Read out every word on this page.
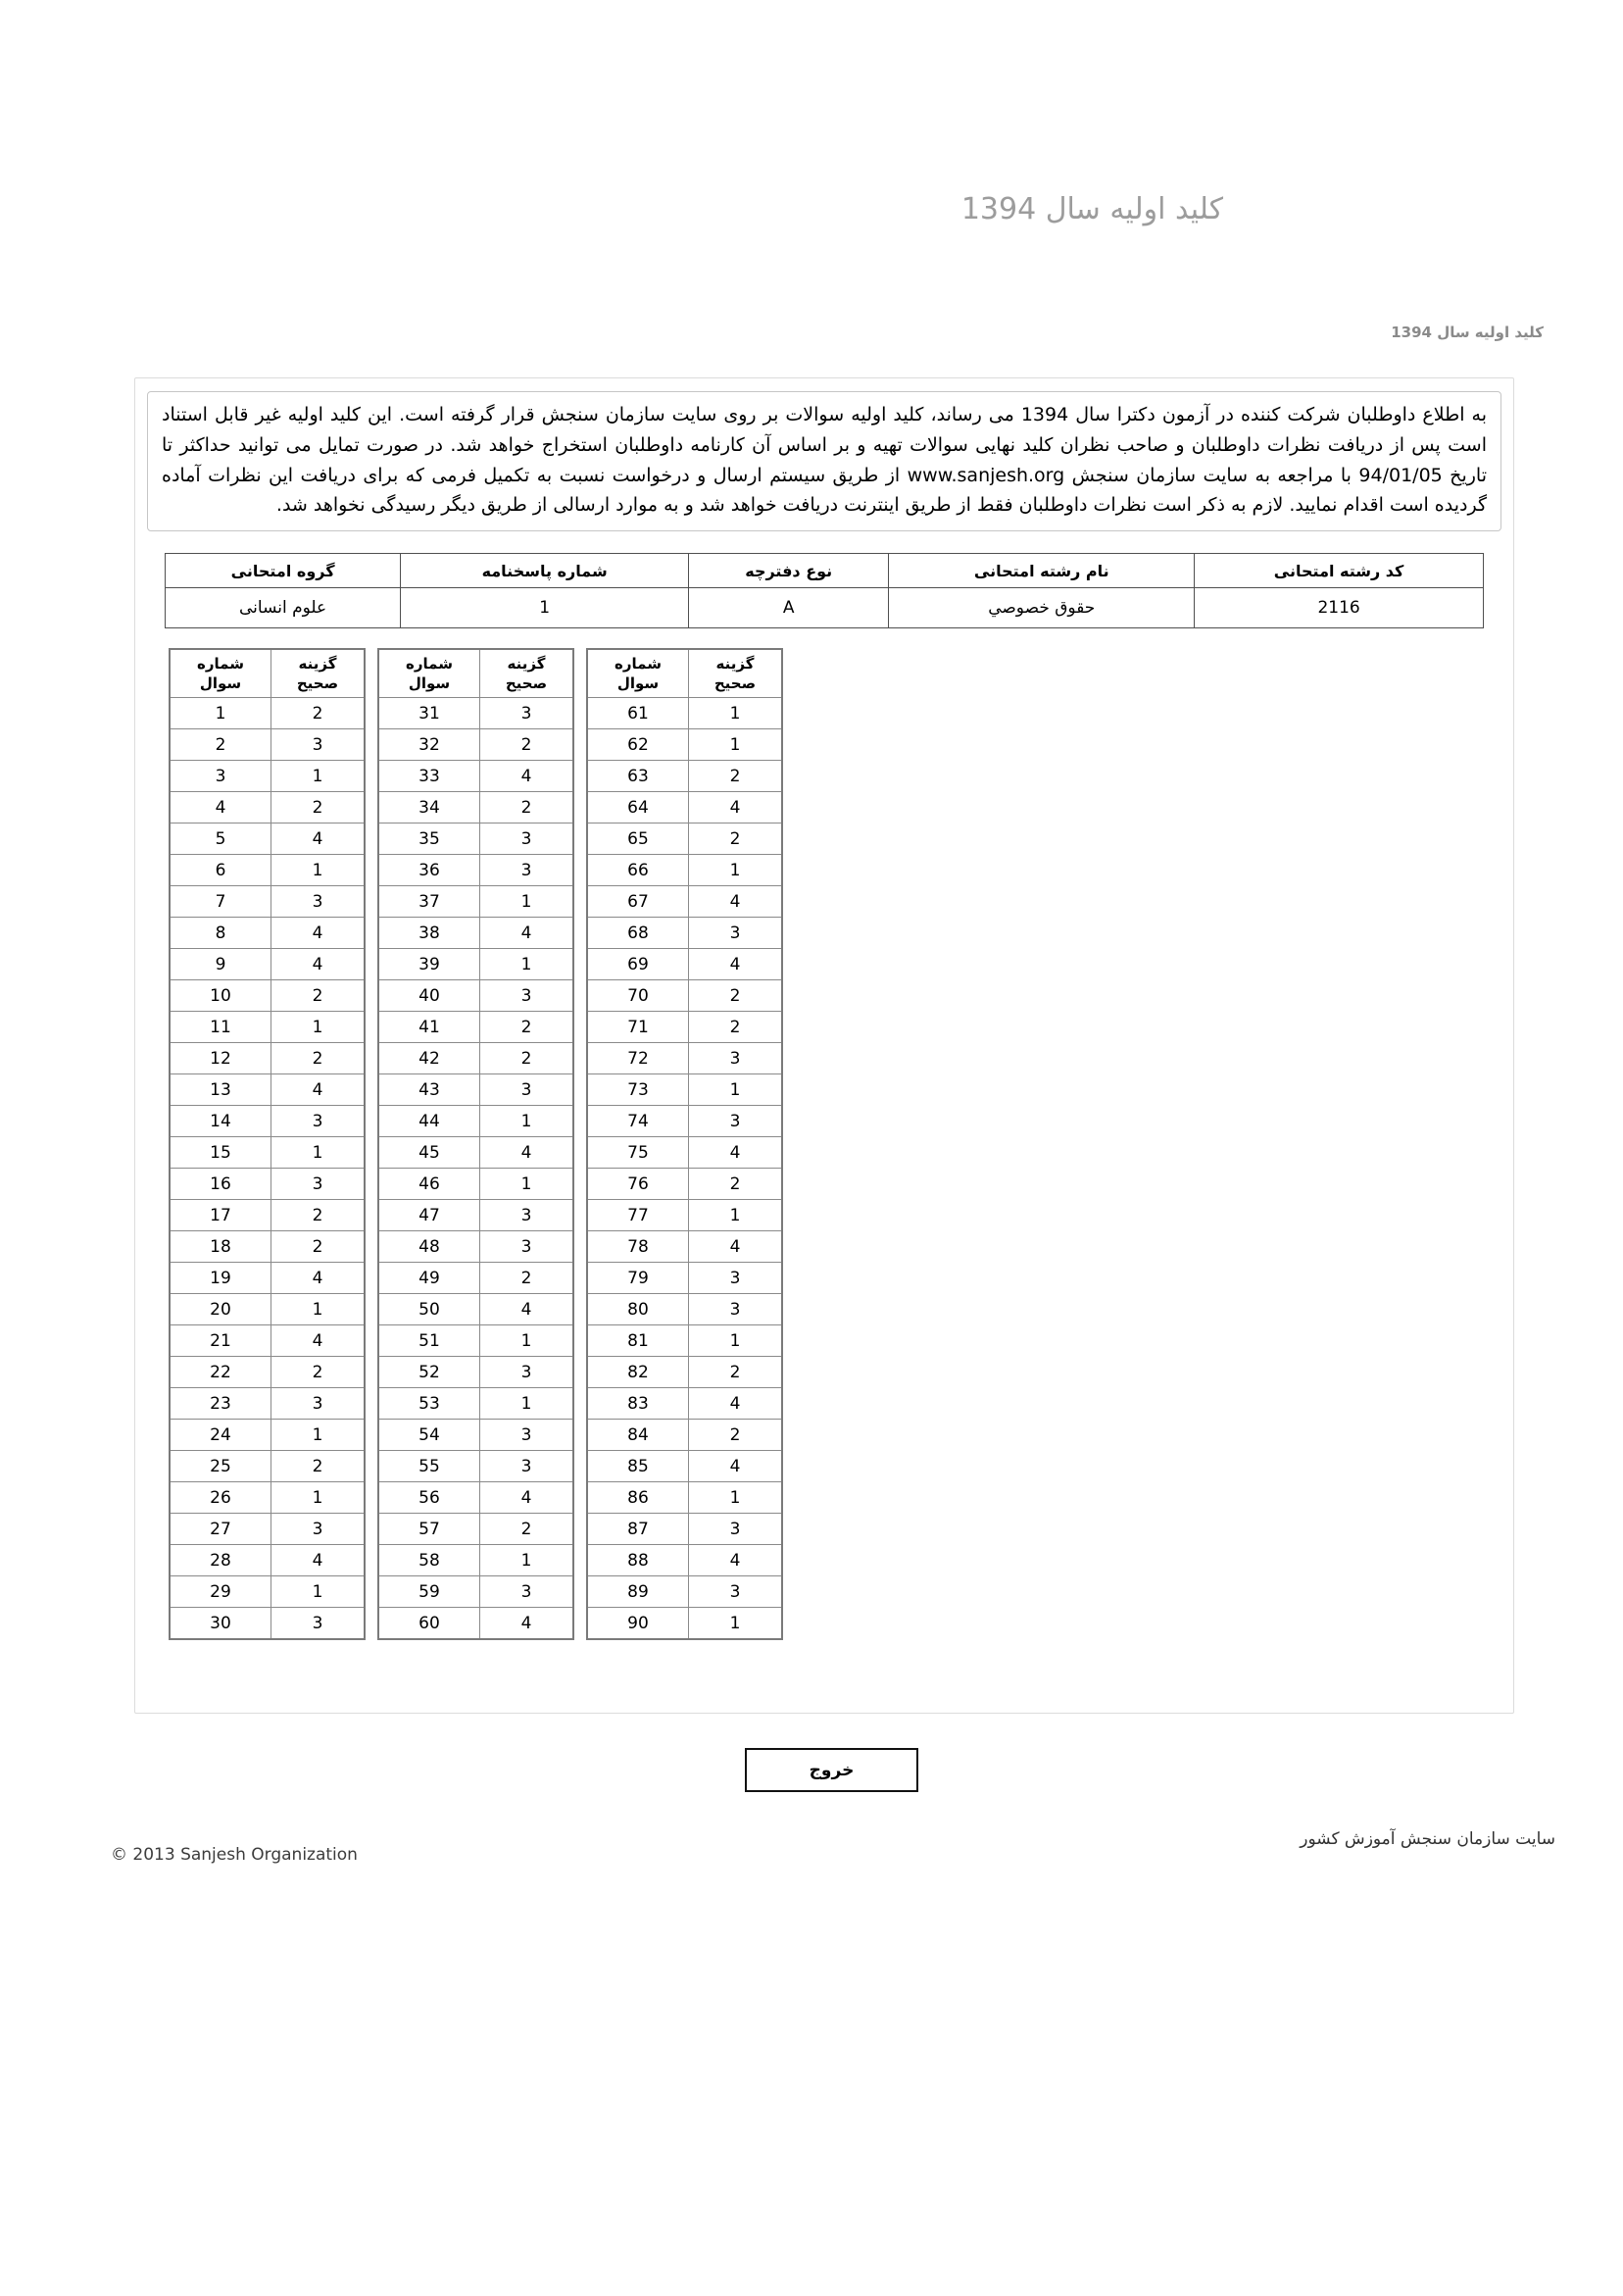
کلید اولیه سال 1394
کلید اولیه سال 1394
به اطلاع داوطلبان شرکت کننده در آزمون دکترا سال 1394 می رساند، کلید اولیه سوالات بر روی سایت سازمان سنجش قرار گرفته است. این کلید اولیه غیر قابل استناد است پس از دریافت نظرات داوطلبان و صاحب نظران کلید نهایی سوالات تهیه و بر اساس آن کارنامه داوطلبان استخراج خواهد شد. در صورت تمایل می توانید حداکثر تا تاریخ 94/01/05 با مراجعه به سایت سازمان سنجش www.sanjesh.org از طریق سیستم ارسال و درخواست نسبت به تکمیل فرمی که برای دریافت این نظرات آماده گردیده است اقدام نمایید. لازم به ذکر است نظرات داوطلبان فقط از طریق اینترنت دریافت خواهد شد و به موارد ارسالی از طریق دیگر رسیدگی نخواهد شد.
کد رشته امتحانی	نام رشته امتحانی	نوع دفترچه	شماره پاسخنامه	گروه امتحانی
2116	حقوق خصوصي	A	1	علوم انسانی
شماره
سوال	گزینه
صحیح
1	2
2	3
3	1
4	2
5	4
6	1
7	3
8	4
9	4
10	2
11	1
12	2
13	4
14	3
15	1
16	3
17	2
18	2
19	4
20	1
21	4
22	2
23	3
24	1
25	2
26	1
27	3
28	4
29	1
30	3
شماره
سوال	گزینه
صحیح
31	3
32	2
33	4
34	2
35	3
36	3
37	1
38	4
39	1
40	3
41	2
42	2
43	3
44	1
45	4
46	1
47	3
48	3
49	2
50	4
51	1
52	3
53	1
54	3
55	3
56	4
57	2
58	1
59	3
60	4
شماره
سوال	گزینه
صحیح
61	1
62	1
63	2
64	4
65	2
66	1
67	4
68	3
69	4
70	2
71	2
72	3
73	1
74	3
75	4
76	2
77	1
78	4
79	3
80	3
81	1
82	2
83	4
84	2
85	4
86	1
87	3
88	4
89	3
90	1
خروج
© 2013 Sanjesh Organization
سایت سازمان سنجش آموزش کشور
